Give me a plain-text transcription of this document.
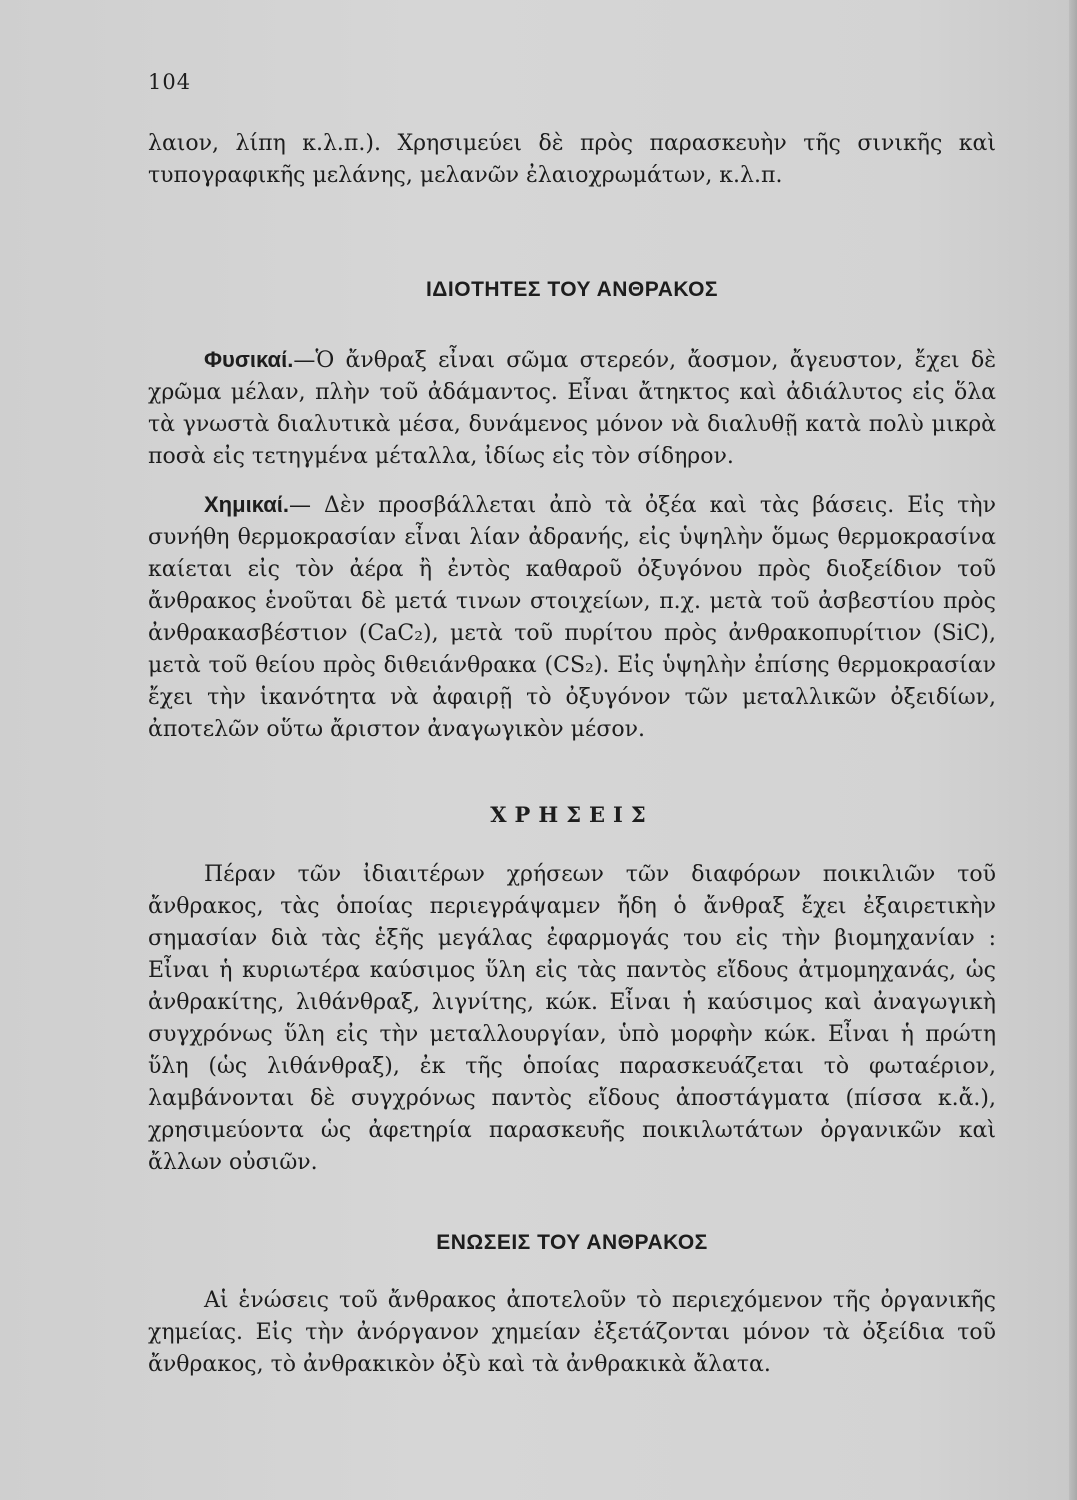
104

λαιον, λίπη κ.λ.π.). Χρησιμεύει δὲ πρὸς παρασκευὴν τῆς σινικῆς καὶ τυπογραφικῆς μελάνης, μελανῶν ἐλαιοχρωμάτων, κ.λ.π.

ΙΔΙΟΤΗΤΕΣ ΤΟΥ ΑΝΘΡΑΚΟΣ

Φυσικαί.—Ὁ ἄνθραξ εἶναι σῶμα στερεόν, ἄοσμον, ἄγευστον, ἔχει δὲ χρῶμα μέλαν, πλὴν τοῦ ἀδάμαντος. Εἶναι ἄτηκτος καὶ ἀδιάλυτος εἰς ὅλα τὰ γνωστὰ διαλυτικὰ μέσα, δυνάμενος μόνον νὰ διαλυθῇ κατὰ πολὺ μικρὰ ποσὰ εἰς τετηγμένα μέταλλα, ἰδίως εἰς τὸν σίδηρον.

Χημικαί.— Δὲν προσβάλλεται ἀπὸ τὰ ὀξέα καὶ τὰς βάσεις. Εἰς τὴν συνήθη θερμοκρασίαν εἶναι λίαν ἀδρανής, εἰς ὑψηλὴν ὅμως θερμοκρασίνα καίεται εἰς τὸν ἀέρα ἢ ἐντὸς καθαροῦ ὀξυγόνου πρὸς διοξείδιον τοῦ ἄνθρακος ἑνοῦται δὲ μετά τινων στοιχείων, π.χ. μετὰ τοῦ ἀσβεστίου πρὸς ἀνθρακασβέστιον (CaC₂), μετὰ τοῦ πυρίτου πρὸς ἀνθρακοπυρίτιον (SiC), μετὰ τοῦ θείου πρὸς διθειάνθρακα (CS₂). Εἰς ὑψηλὴν ἐπίσης θερμοκρασίαν ἔχει τὴν ἱκανότητα νὰ ἀφαιρῇ τὸ ὀξυγόνον τῶν μεταλλικῶν ὀξειδίων, ἀποτελῶν οὕτω ἄριστον ἀναγωγικὸν μέσον.

ΧΡΗΣΕΙΣ

Πέραν τῶν ἰδιαιτέρων χρήσεων τῶν διαφόρων ποικιλιῶν τοῦ ἄνθρακος, τὰς ὁποίας περιεγράψαμεν ἤδη ὁ ἄνθραξ ἔχει ἐξαιρετικὴν σημασίαν διὰ τὰς ἑξῆς μεγάλας ἐφαρμογάς του εἰς τὴν βιομηχανίαν : Εἶναι ἡ κυριωτέρα καύσιμος ὕλη εἰς τὰς παντὸς εἴδους ἀτμομηχανάς, ὡς ἀνθρακίτης, λιθάνθραξ, λιγνίτης, κώκ. Εἶναι ἡ καύσιμος καὶ ἀναγωγικὴ συγχρόνως ὕλη εἰς τὴν μεταλλουργίαν, ὑπὸ μορφὴν κώκ. Εἶναι ἡ πρώτη ὕλη (ὡς λιθάνθραξ), ἐκ τῆς ὁποίας παρασκευάζεται τὸ φωταέριον, λαμβάνονται δὲ συγχρόνως παντὸς εἴδους ἀποστάγματα (πίσσα κ.ἄ.), χρησιμεύοντα ὡς ἀφετηρία παρασκευῆς ποικιλωτάτων ὀργανικῶν καὶ ἄλλων οὐσιῶν.

ΕΝΩΣΕΙΣ ΤΟΥ ΑΝΘΡΑΚΟΣ

Αἱ ἑνώσεις τοῦ ἄνθρακος ἀποτελοῦν τὸ περιεχόμενον τῆς ὀργανικῆς χημείας. Εἰς τὴν ἀνόργανον χημείαν ἐξετάζονται μόνον τὰ ὀξείδια τοῦ ἄνθρακος, τὸ ἀνθρακικὸν ὀξὺ καὶ τὰ ἀνθρακικὰ ἄλατα.
